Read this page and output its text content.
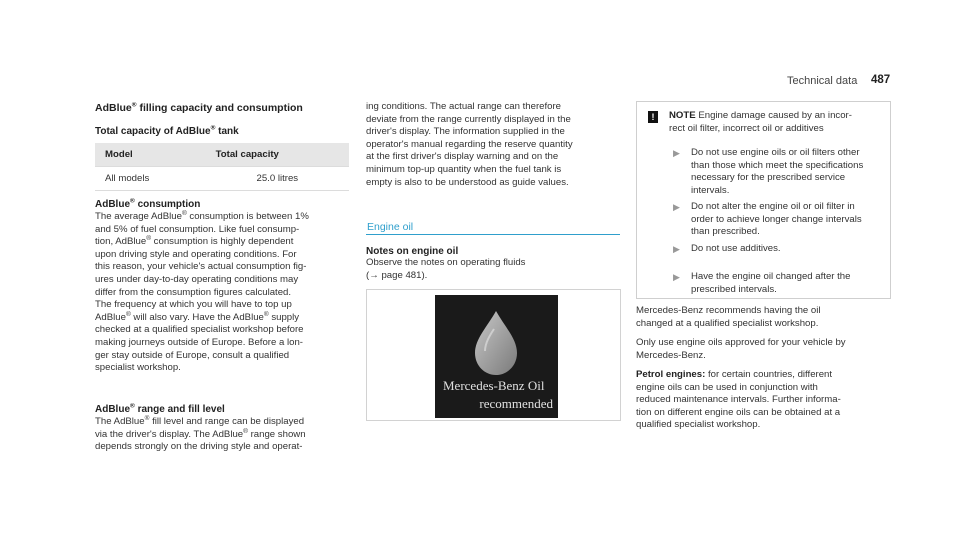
Technical data 487
AdBlue® filling capacity and consumption
Total capacity of AdBlue® tank
Model	Total capacity
All models	25.0 litres
AdBlue® consumption
The average AdBlue® consumption is between 1%
and 5% of fuel consumption. Like fuel consump-
tion, AdBlue® consumption is highly dependent
upon driving style and operating conditions. For
this reason, your vehicle's actual consumption fig-
ures under day-to-day operating conditions may
differ from the consumption figures calculated.
The frequency at which you will have to top up
AdBlue® will also vary. Have the AdBlue® supply
checked at a qualified specialist workshop before
making journeys outside of Europe. Before a lon-
ger stay outside of Europe, consult a qualified
specialist workshop.
AdBlue® range and fill level
The AdBlue® fill level and range can be displayed
via the driver's display. The AdBlue® range shown
depends strongly on the driving style and operat-
ing conditions. The actual range can therefore
deviate from the range currently displayed in the
driver's display. The information supplied in the
operator's manual regarding the reserve quantity
at the first driver's display warning and on the
minimum top-up quantity when the fuel tank is
empty is also to be understood as guide values.
Engine oil
Notes on engine oil
Observe the notes on operating fluids
(→ page 481).
Mercedes-Benz Oil
recommended
!	NOTE Engine damage caused by an incor-
rect oil filter, incorrect oil or additives
▶ Do not use engine oils or oil filters other
than those which meet the specifications
necessary for the prescribed service
intervals.
▶ Do not alter the engine oil or oil filter in
order to achieve longer change intervals
than prescribed.
▶ Do not use additives.
▶ Have the engine oil changed after the
prescribed intervals.
Mercedes-Benz recommends having the oil
changed at a qualified specialist workshop.
Only use engine oils approved for your vehicle by
Mercedes-Benz.
Petrol engines: for certain countries, different
engine oils can be used in conjunction with
reduced maintenance intervals. Further informa-
tion on different engine oils can be obtained at a
qualified specialist workshop.
